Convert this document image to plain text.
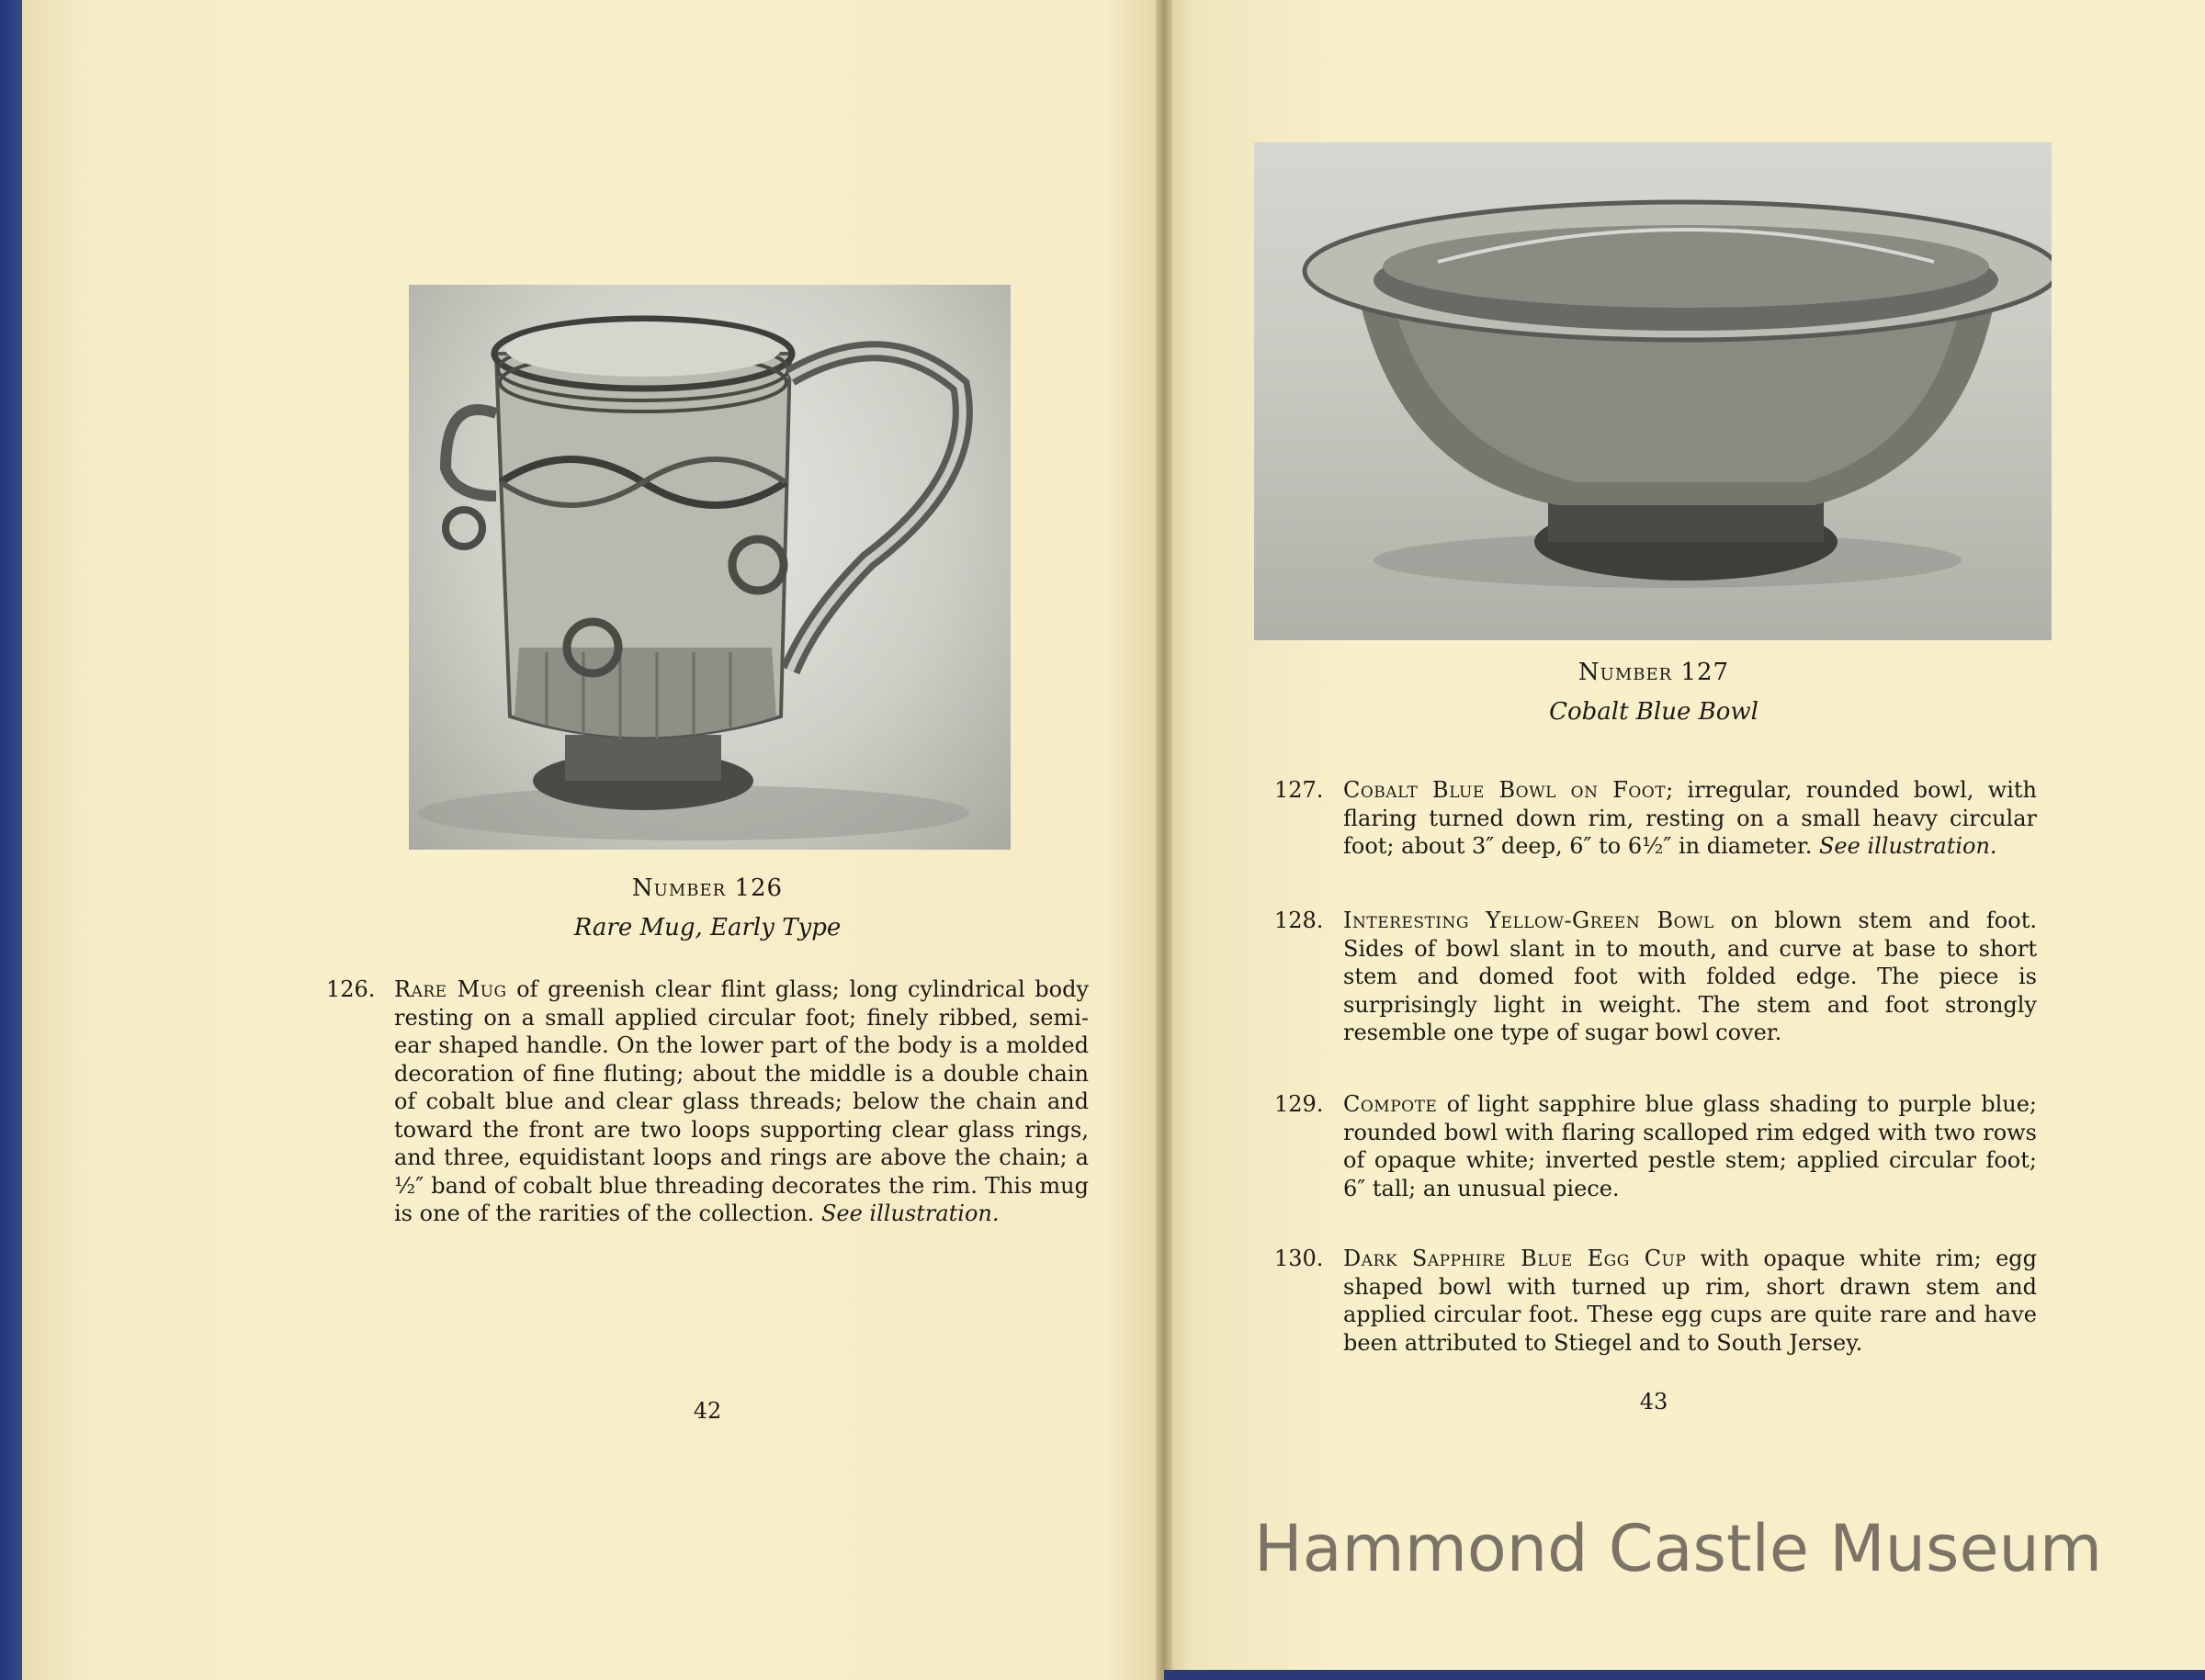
Number 126
Rare Mug, Early Type
126. Rare Mug of greenish clear flint glass; long cylindrical body resting on a small applied circular foot; finely ribbed, semi-ear shaped handle. On the lower part of the body is a molded decoration of fine fluting; about the middle is a double chain of cobalt blue and clear glass threads; below the chain and toward the front are two loops supporting clear glass rings, and three, equidistant loops and rings are above the chain; a ½″ band of cobalt blue threading decorates the rim. This mug is one of the rarities of the collection. See illustration.
42
Number 127
Cobalt Blue Bowl
127. Cobalt Blue Bowl on Foot; irregular, rounded bowl, with flaring turned down rim, resting on a small heavy circular foot; about 3″ deep, 6″ to 6½″ in diameter. See illustration.
128. Interesting Yellow-Green Bowl on blown stem and foot. Sides of bowl slant in to mouth, and curve at base to short stem and domed foot with folded edge. The piece is surprisingly light in weight. The stem and foot strongly resemble one type of sugar bowl cover.
129. Compote of light sapphire blue glass shading to purple blue; rounded bowl with flaring scalloped rim edged with two rows of opaque white; inverted pestle stem; applied circular foot; 6″ tall; an unusual piece.
130. Dark Sapphire Blue Egg Cup with opaque white rim; egg shaped bowl with turned up rim, short drawn stem and applied circular foot. These egg cups are quite rare and have been attributed to Stiegel and to South Jersey.
43
Hammond Castle Museum
